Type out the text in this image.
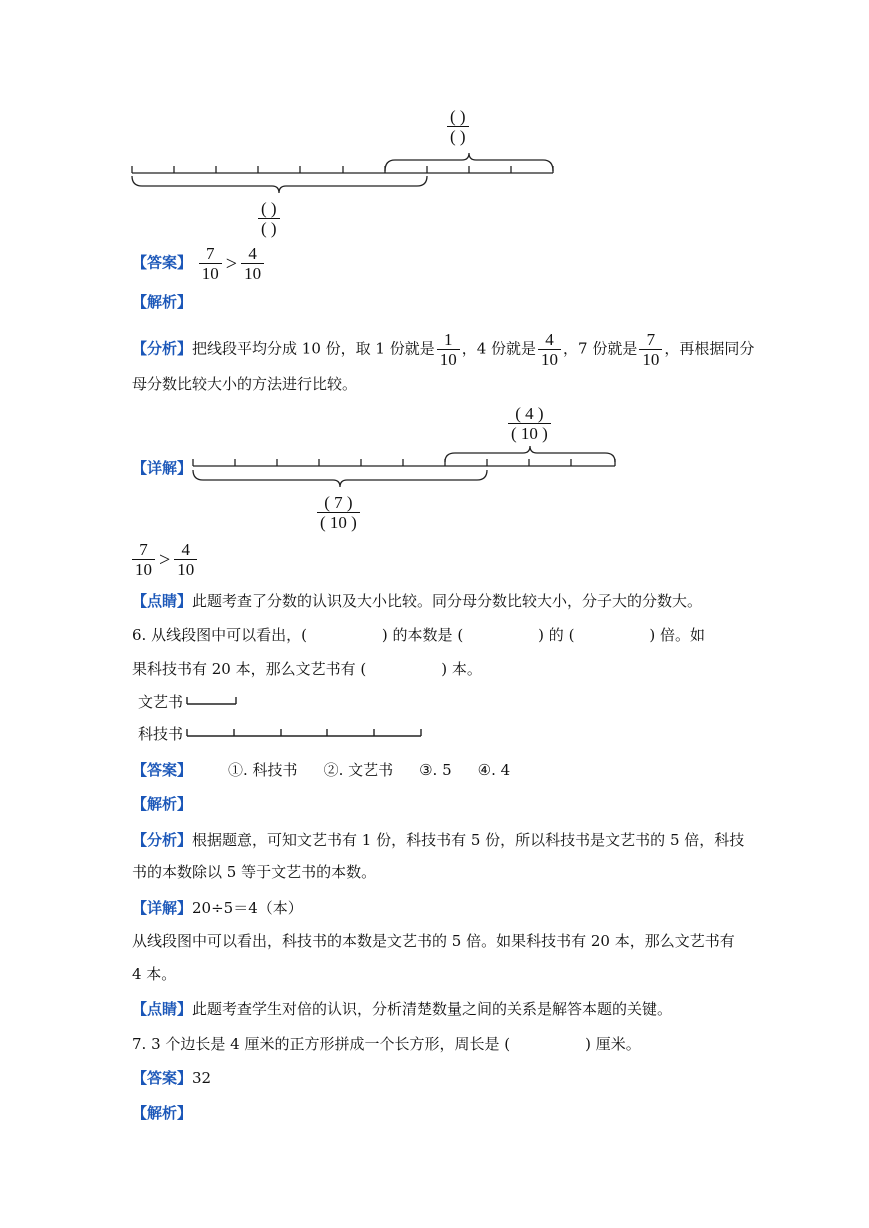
( )
( )
( )
( )
【答案】 $\frac{7}{10} > \frac{4}{10}$
【解析】
【分析】把线段平均分成 10 份，取 1 份就是 $\frac{1}{10}$ ，4 份就是 $\frac{4}{10}$ ，7 份就是 $\frac{7}{10}$ ，再根据同分
母分数比较大小的方法进行比较。
( 4 )
( 10 )
【详解】
( 7 )
( 10 )
$\frac{7}{10} > \frac{4}{10}$
【点睛】此题考查了分数的认识及大小比较。同分母分数比较大小，分子大的分数大。
6. 从线段图中可以看出，(　　　　　) 的本数是 (　　　　　) 的 (　　　　　) 倍。如
果科技书有 20 本，那么文艺书有 (　　　　　) 本。
文艺书
科技书
【答案】 ①. 科技书 ②. 文艺书 ③. 5 ④. 4
【解析】
【分析】根据题意，可知文艺书有 1 份，科技书有 5 份，所以科技书是文艺书的 5 倍，科技
书的本数除以 5 等于文艺书的本数。
【详解】20÷5＝4（本）
从线段图中可以看出，科技书的本数是文艺书的 5 倍。如果科技书有 20 本，那么文艺书有
4 本。
【点睛】此题考查学生对倍的认识，分析清楚数量之间的关系是解答本题的关键。
7. 3 个边长是 4 厘米的正方形拼成一个长方形，周长是 (　　　　　) 厘米。
【答案】32
【解析】
